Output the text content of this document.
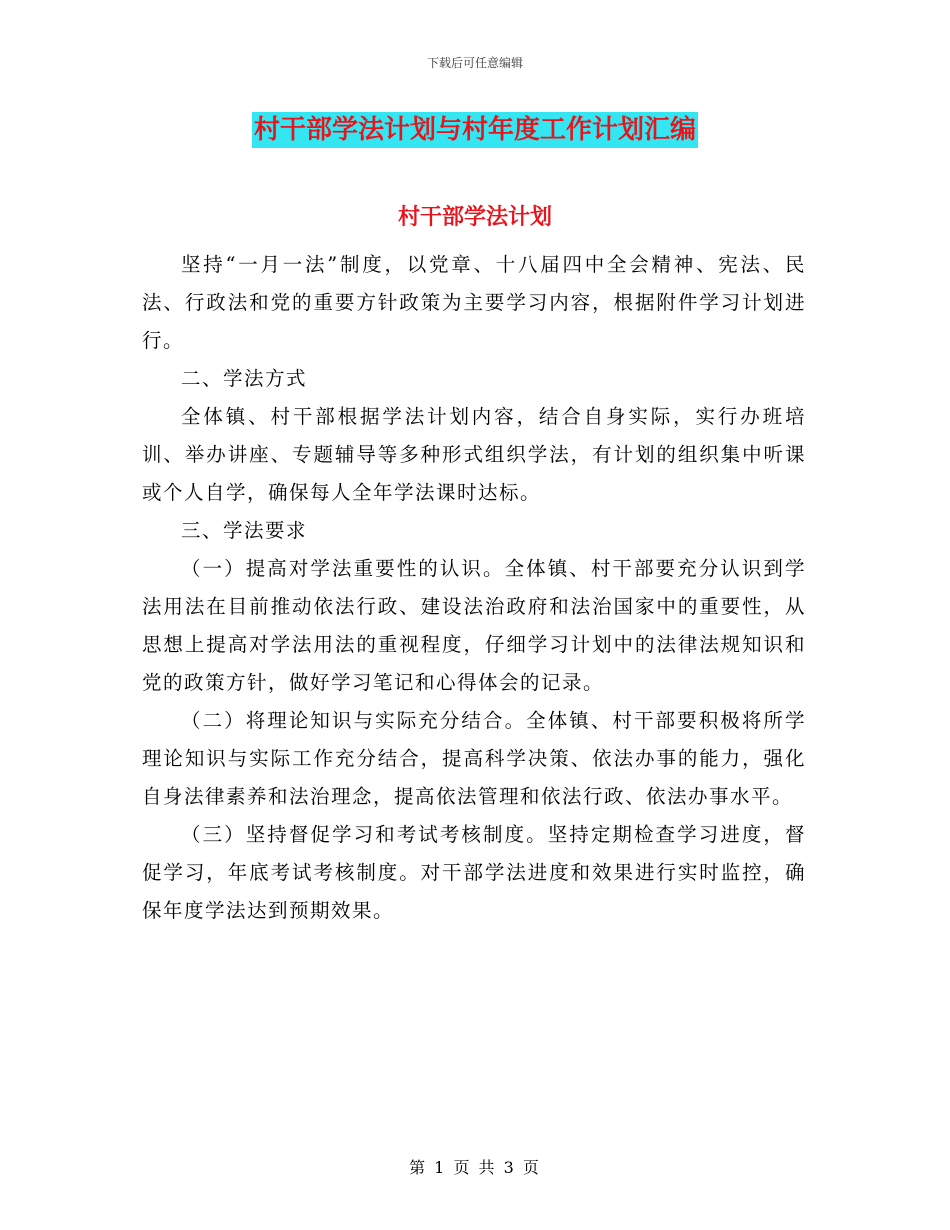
下载后可任意编辑
村干部学法计划与村年度工作计划汇编
村干部学法计划

坚持“一月一法”制度，以党章、十八届四中全会精神、宪法、民法、行政法和党的重要方针政策为主要学习内容，根据附件学习计划进行。

二、学法方式

全体镇、村干部根据学法计划内容，结合自身实际，实行办班培训、举办讲座、专题辅导等多种形式组织学法，有计划的组织集中听课或个人自学，确保每人全年学法课时达标。

三、学法要求

（一）提高对学法重要性的认识。全体镇、村干部要充分认识到学法用法在目前推动依法行政、建设法治政府和法治国家中的重要性，从思想上提高对学法用法的重视程度，仔细学习计划中的法律法规知识和党的政策方针，做好学习笔记和心得体会的记录。

（二）将理论知识与实际充分结合。全体镇、村干部要积极将所学理论知识与实际工作充分结合，提高科学决策、依法办事的能力，强化自身法律素养和法治理念，提高依法管理和依法行政、依法办事水平。

（三）坚持督促学习和考试考核制度。坚持定期检查学习进度，督促学习，年底考试考核制度。对干部学法进度和效果进行实时监控，确保年度学法达到预期效果。

第 1 页 共 3 页
